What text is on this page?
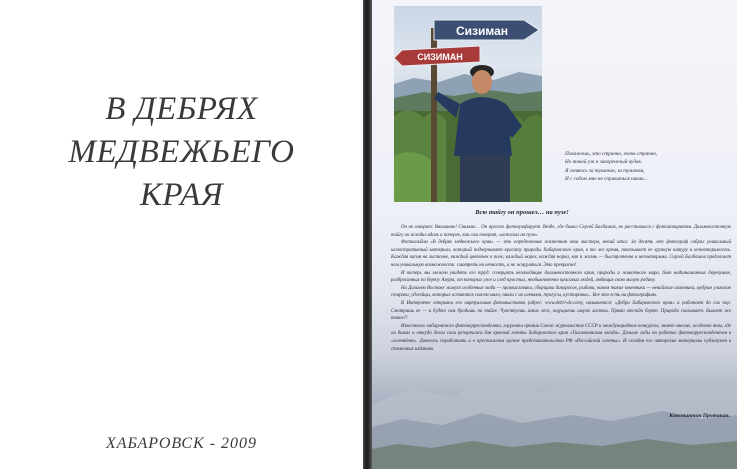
В ДЕБРЯХ
МЕДВЕЖЬЕГО
КРАЯ
ХАБАРОВСК - 2009
Сизиман
СИЗИМАН
Покажешь, это странно, очень странно,
Но такой уж я закоренелый чудак.
Я гоняюсь за туманом, за туманом,
И с собою мне не справиться никак...
Всю тайгу он прошел… на пузе!

Он не говорит: Внимание! Снимаю… Он просто фотографирует. Везде, где бывал Сергей Балбашов, не расставался с фотоаппаратом. Дальневосточную тайгу он исходил вдоль и поперек, как сам говорит, «исползал на пузе».

Фотоальбом «В дебрях медвежьего края» — это определенная жизненная веха мастера, некий итог. За десять лет фотограф собрал уникальный иллюстративный материал, который подчеркивает красоту природы Хабаровского края, в то же время, показывает ее хрупкую натуру и неповторимость. Каждая капля на листочке, каждый цветочек в поле, каждый морех, каждая норка, как и жизнь — быстротечна и неповторима. Сергей Балбашов предлагает нам уникальную возможность: смотреть на вечность, и не жмуриться. Это прекрасно!

И теперь мы можем увидеть его труд: созерцать незаходящие дальневосточного края, природы и животного мира, быт надшнашанных деревушек, разбросанных по берегу Амура, от которых уже и след простыл, необыкновенно красивых людей, любящих свою малую родину.

На Дальнем Востоке живут особенные люди — промысловики, сборщики дикоросов, рыбаки, ничем такие кочевники — ненайские охотники, мудрые ульчские старики, удэгейцы, которых остаются совсем мало, нивхи с их оленями, тунгусы, кустарники... Все это есть на фотографиях.

В Интернете открыта его виртуальная фотовыставка (адрес: www.debri-dv.com), называется: «Дебри Хабаровского края» и работает до сих пор. Смотришь ее — и будто сам бродишь по тайге. Чувствуешь запах леса, ощущаешь шорох листвы. Прямо отсюда берет. Природа сказывает. Бывает же такое?!

Известного хабаровского фотокорреспондента, лауреата премии Союза журналистов СССР и международных конкурсов, знают многие, особенно там, где он бывал и откуда делал свои репортажи для краевой газеты Хабаровского края «Тихоокеанская звезда». Дольше годы он работал фотокорреспондентом в «газетёнке». Довелось поработать и в престижном органе представительства РФ «Российской газеты». И сегодня его авторские материалы публикуют в столичных изданиях.

Константин Протакин.
